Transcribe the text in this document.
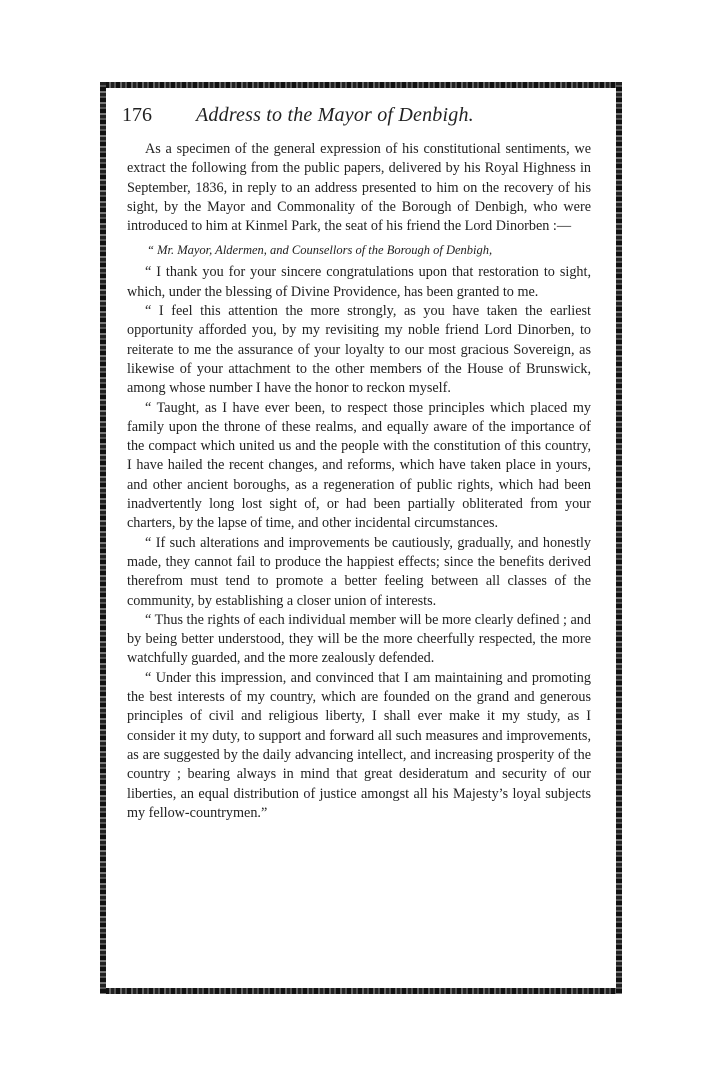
176	Address to the Mayor of Denbigh.

As a specimen of the general expression of his constitutional sentiments, we extract the following from the public papers, delivered by his Royal Highness in September, 1836, in reply to an address presented to him on the recovery of his sight, by the Mayor and Commonality of the Borough of Denbigh, who were introduced to him at Kinmel Park, the seat of his friend the Lord Dinorben :—

“ Mr. Mayor, Aldermen, and Counsellors of the Borough of Denbigh,

“ I thank you for your sincere congratulations upon that restoration to sight, which, under the blessing of Divine Providence, has been granted to me.

“ I feel this attention the more strongly, as you have taken the earliest opportunity afforded you, by my revisiting my noble friend Lord Dinorben, to reiterate to me the assurance of your loyalty to our most gracious Sovereign, as likewise of your attachment to the other members of the House of Brunswick, among whose number I have the honor to reckon myself.

“ Taught, as I have ever been, to respect those principles which placed my family upon the throne of these realms, and equally aware of the importance of the compact which united us and the people with the constitution of this country, I have hailed the recent changes, and reforms, which have taken place in yours, and other ancient boroughs, as a regeneration of public rights, which had been inadvertently long lost sight of, or had been partially obliterated from your charters, by the lapse of time, and other incidental circumstances.

“ If such alterations and improvements be cautiously, gradually, and honestly made, they cannot fail to produce the happiest effects; since the benefits derived therefrom must tend to promote a better feeling between all classes of the community, by establishing a closer union of interests.

“ Thus the rights of each individual member will be more clearly defined ; and by being better understood, they will be the more cheerfully respected, the more watchfully guarded, and the more zealously defended.

“ Under this impression, and convinced that I am maintaining and promoting the best interests of my country, which are founded on the grand and generous principles of civil and religious liberty, I shall ever make it my study, as I consider it my duty, to support and forward all such measures and improvements, as are suggested by the daily advancing intellect, and increasing prosperity of the country ; bearing always in mind that great desideratum and security of our liberties, an equal distribution of justice amongst all his Majesty’s loyal subjects my fellow-countrymen.”
